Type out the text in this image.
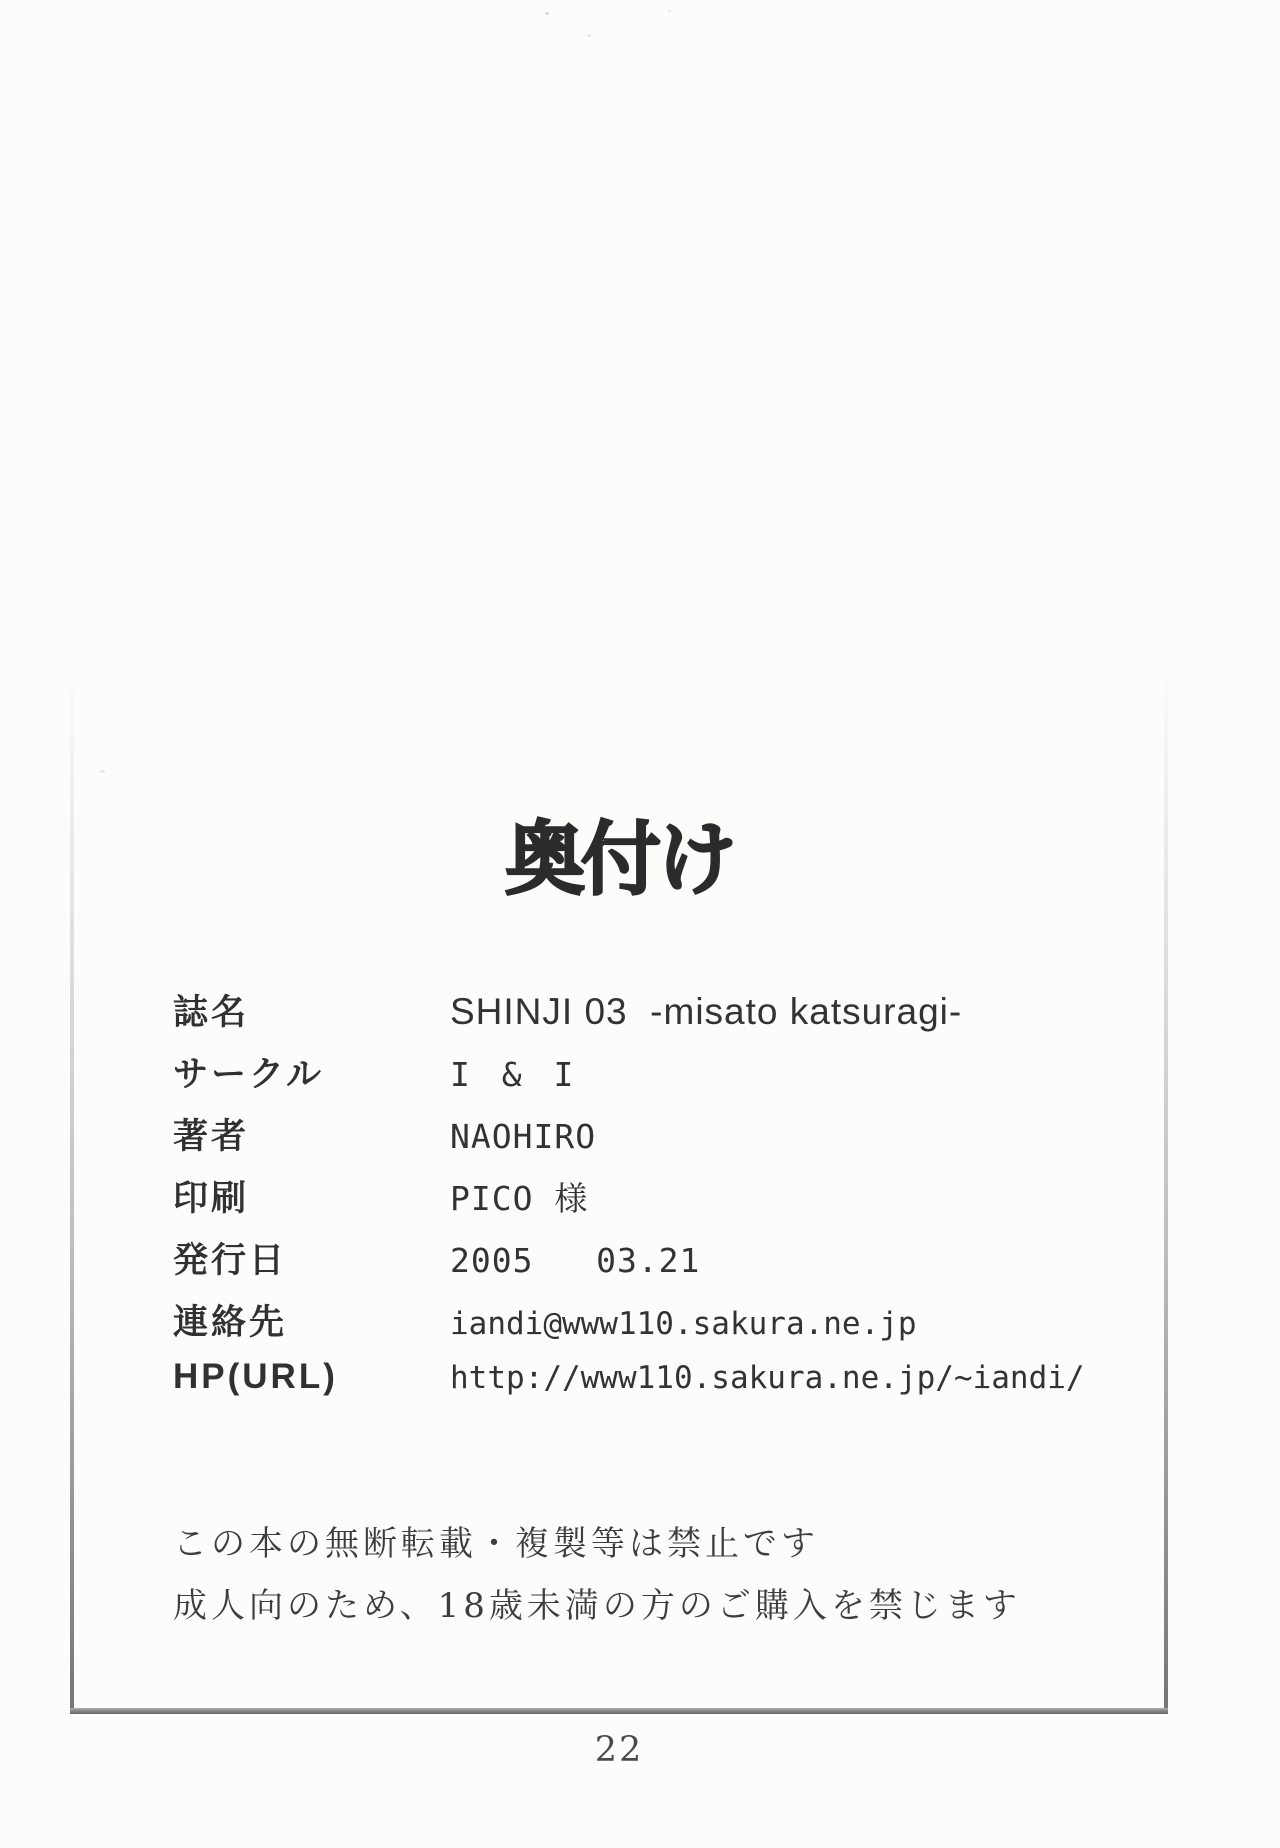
奥付け
誌名	SHINJI 03  -misato katsuragi-
サークル	I & I
著者	NAOHIRO
印刷	PICO 様
発行日	2005   03.21
連絡先	iandi@www110.sakura.ne.jp
HP(URL)	http://www110.sakura.ne.jp/~iandi/
この本の無断転載・複製等は禁止です
成人向のため、18歳未満の方のご購入を禁じます
22
